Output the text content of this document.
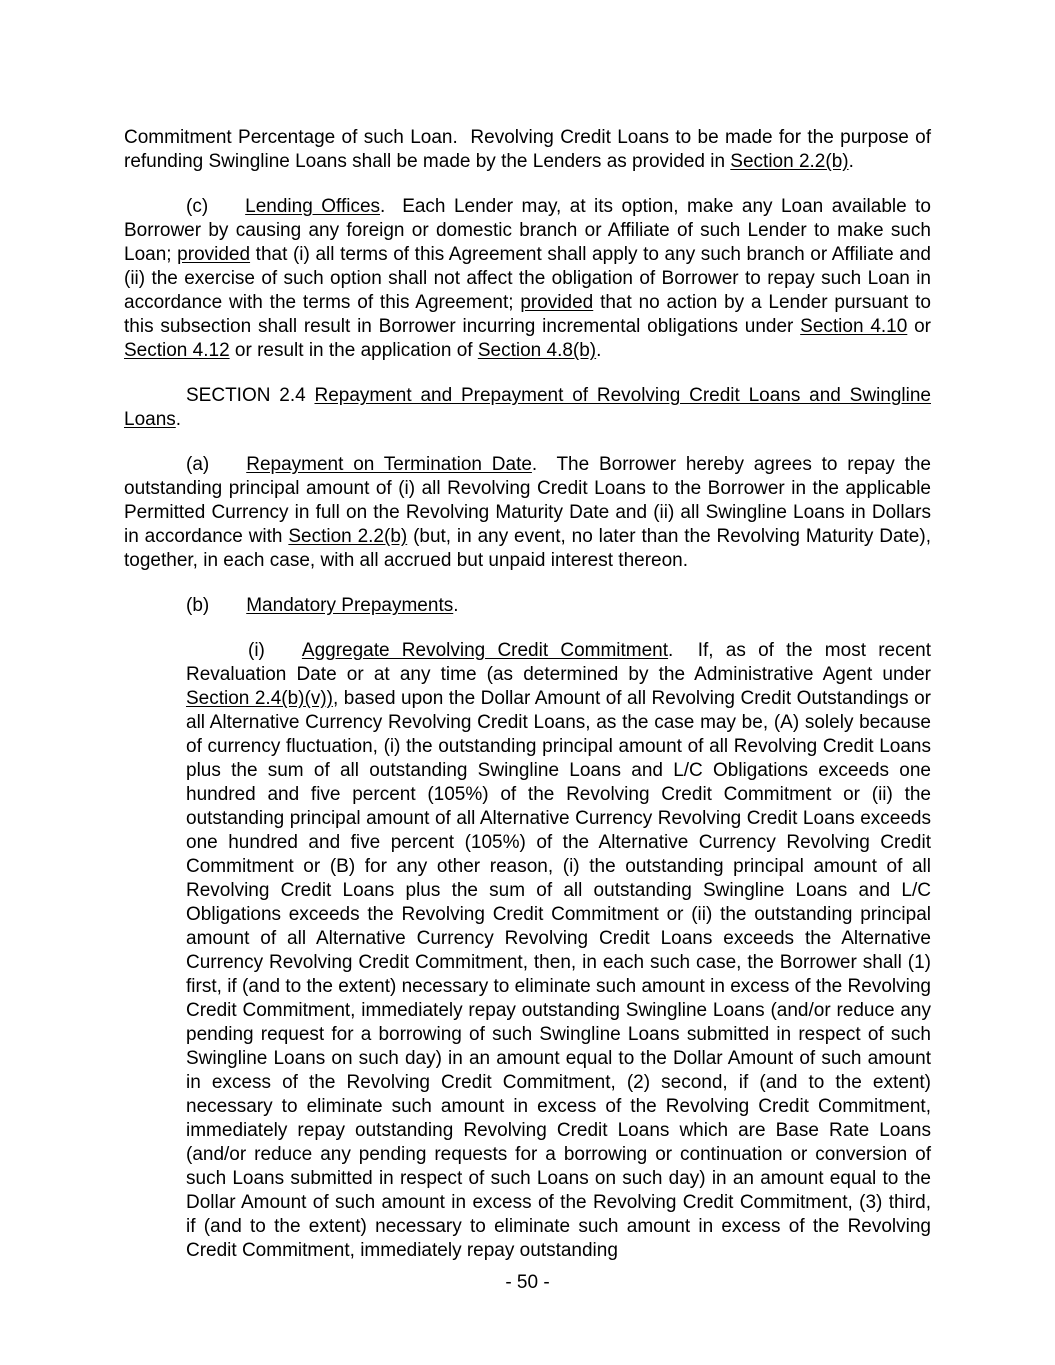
Commitment Percentage of such Loan.  Revolving Credit Loans to be made for the purpose of refunding Swingline Loans shall be made by the Lenders as provided in Section 2.2(b).

(c) Lending Offices.  Each Lender may, at its option, make any Loan available to Borrower by causing any foreign or domestic branch or Affiliate of such Lender to make such Loan; provided that (i) all terms of this Agreement shall apply to any such branch or Affiliate and (ii) the exercise of such option shall not affect the obligation of Borrower to repay such Loan in accordance with the terms of this Agreement; provided that no action by a Lender pursuant to this subsection shall result in Borrower incurring incremental obligations under Section 4.10 or Section 4.12 or result in the application of Section 4.8(b).

SECTION 2.4 Repayment and Prepayment of Revolving Credit Loans and Swingline Loans.

(a) Repayment on Termination Date.  The Borrower hereby agrees to repay the outstanding principal amount of (i) all Revolving Credit Loans to the Borrower in the applicable Permitted Currency in full on the Revolving Maturity Date and (ii) all Swingline Loans in Dollars in accordance with Section 2.2(b) (but, in any event, no later than the Revolving Maturity Date), together, in each case, with all accrued but unpaid interest thereon.

(b) Mandatory Prepayments.

(i) Aggregate Revolving Credit Commitment.  If, as of the most recent Revaluation Date or at any time (as determined by the Administrative Agent under Section 2.4(b)(v)), based upon the Dollar Amount of all Revolving Credit Outstandings or all Alternative Currency Revolving Credit Loans, as the case may be, (A) solely because of currency fluctuation, (i) the outstanding principal amount of all Revolving Credit Loans plus the sum of all outstanding Swingline Loans and L/C Obligations exceeds one hundred and five percent (105%) of the Revolving Credit Commitment or (ii) the outstanding principal amount of all Alternative Currency Revolving Credit Loans exceeds one hundred and five percent (105%) of the Alternative Currency Revolving Credit Commitment or (B) for any other reason, (i) the outstanding principal amount of all Revolving Credit Loans plus the sum of all outstanding Swingline Loans and L/C Obligations exceeds the Revolving Credit Commitment or (ii) the outstanding principal amount of all Alternative Currency Revolving Credit Loans exceeds the Alternative Currency Revolving Credit Commitment, then, in each such case, the Borrower shall (1) first, if (and to the extent) necessary to eliminate such amount in excess of the Revolving Credit Commitment, immediately repay outstanding Swingline Loans (and/or reduce any pending request for a borrowing of such Swingline Loans submitted in respect of such Swingline Loans on such day) in an amount equal to the Dollar Amount of such amount in excess of the Revolving Credit Commitment, (2) second, if (and to the extent) necessary to eliminate such amount in excess of the Revolving Credit Commitment, immediately repay outstanding Revolving Credit Loans which are Base Rate Loans (and/or reduce any pending requests for a borrowing or continuation or conversion of such Loans submitted in respect of such Loans on such day) in an amount equal to the Dollar Amount of such amount in excess of the Revolving Credit Commitment, (3) third, if (and to the extent) necessary to eliminate such amount in excess of the Revolving Credit Commitment, immediately repay outstanding

- 50 -
